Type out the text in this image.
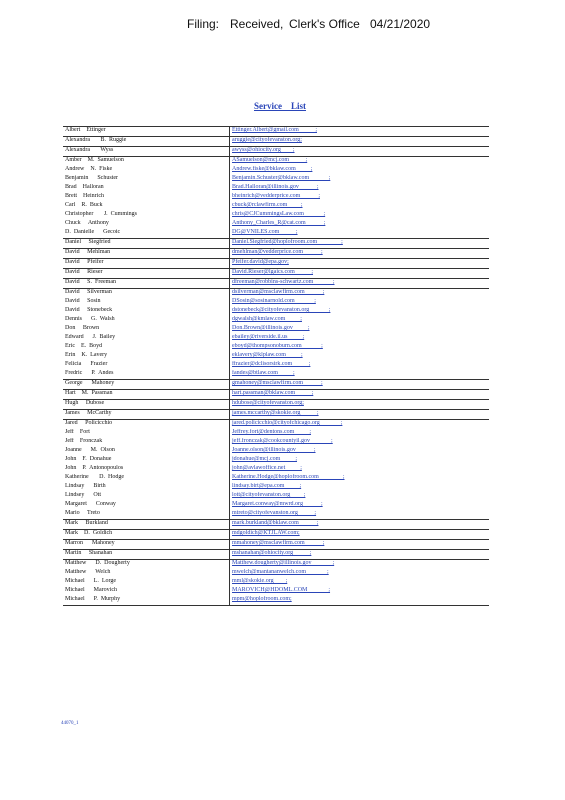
Filing: Received, Clerk's Office 04/21/2020
Service    List
Albert    Ettinger	Ettinger.Albert@gmail.com           ;
Alexandra       B.  Ruggie	aruggie@cityofevanston.org;
Alexandra       Wyss	awyss@ohiocity.org        ;
Amber    M.  Samuelson	ASamuelson@mcj.com           ;
Andrew    N.  Fiske	Andrew.fiske@bklaw.com          ;
Benjamin      Schuster	Benjamin.Schuster@bklaw.com             ;
Brad    Halloran	Brad.Halloran@illinois.gov            ;
Brett    Heinrich	bheinrich@vedderprice.com            ;
Carl    R.  Buck	cbuck@rclawfirm.com         ;
Christopher       J.  Cummings	chris@CJCummingsLaw.com             ;
Chuck     Anthony	Anthony_Charles_R@cat.com            ;
D.  Danielle      Gecoic	DG@VNILES.com           ;
Daniel     Siegfried	Daniel.Siegfried@hoplofroom.com                ;
David     Mehlman	dmehlman@vedderprice.com            ;
David     Pfeifer	Pfeifer.david@epa.gov;
David     Rieser	David.Rieser@lgaics.com           ;
David     S.  Freeman	dfreeman@robbins-schwartz.com             ;
David     Silverman	dsilverman@msclawfirm.com            ;
David     Sosin	DSosin@sosinarnold.com             ;
David     Stonebeck	dstonebeck@cityofevanston.org             ;
Dennis      G.  Walsh	dgwalsh@kmlaw.com          ;
Don     Brown	Don.Brown@illinois.gov          ;
Edward      J.  Bailey	ebailey@riverside.il.us          ;
Eric    E.  Boyd	eboyd@thompsonoburn.com             ;
Erin    K.  Lavery	eklavery@klplaw.com          ;
Felicia      Frazier	ffrazier@dclisorsirk.com           ;
Fredric      P.  Andes	fandes@btlaw.com          ;
George      Mahoney	gmahoney@msclawfirm.com            ;
Hart    M.  Passman	hart.passman@bklaw.com           ;
Hugh     Dubose	hdubose@cityofevanston.org;
James     McCarthy	james.mccarthy@skokie.org           ;
Jared     Policicchio	jared.policicchio@cityofchicago.org              ;
Jeff    Fort	Jeffrey.fort@dentons.com          ;
Jeff    Fronczak	jeff.fronczak@cookcountyil.gov              ;
Joanne      M.  Olson	Joanne.olson@illinois.gov            ;
John    F.  Donahue	jdonahue@mcj.com          ;
John    P.  Antonopoulos	john@avlawoffice.net          ;
Katherine       D.  Hodge	Katherine.Hodge@hoplofroom.com                ;
Lindsay      Birth	lindsay.birt@epa.com          ;
Lindsey      Ott	lott@cityofevanston.org         ;
Margaret      Conway	Margaret.conway@mwrd.org            ;
Mario     Treto	mtreto@cityofevanston.org           ;
Mark     Burkland	mark.burkland@bklaw.com            ;
Mark    D.  Goldich	mdgoldich@KTJLAW.com;
Marron      Mahoney	mmahoney@msclawfirm.com            ;
Martin     Shanahan	mshanahan@ohiocity.org           ;
Matthew      D.  Dougherty	Matthew.dougherty@illinois.gov              ;
Matthew      Welch	mwelch@mantananwelch.com              ;
Michael      L.  Lorge	mml@skokie.org        ;
Michael      Marovich	MAROVICH@HDOML.COM              ;
Michael      P.  Murphy	mpm@hoplofroom.com;
44070_1
